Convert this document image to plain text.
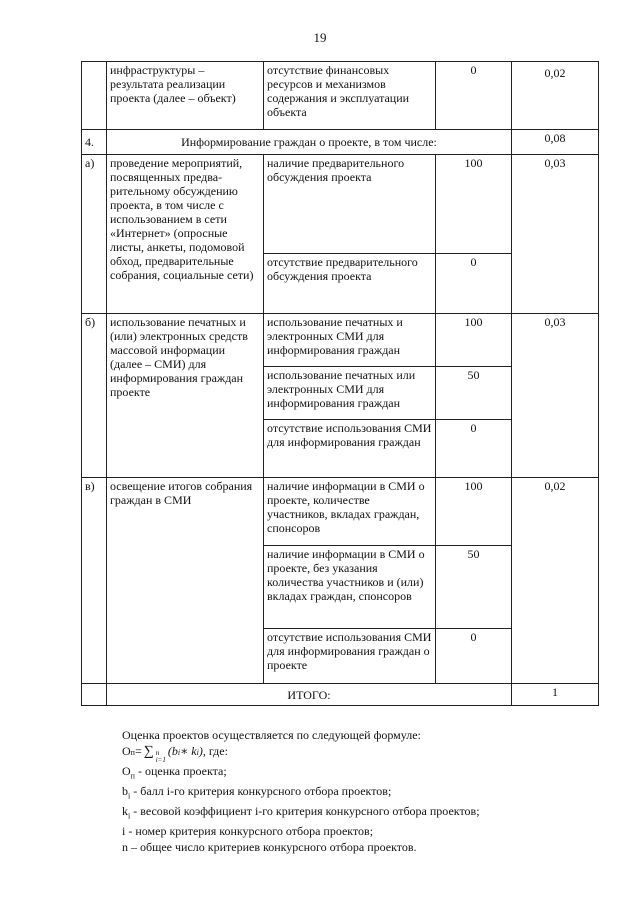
19
	инфраструктуры – результата реализации проекта (далее – объект)	отсутствие финансовых ресурсов и механизмов содержания и эксплуатации объекта	0	0,02
4.	Информирование граждан о проекте, в том числе:			0,08
а)	проведение мероприятий, посвященных предва-рительному обсуждению проекта, в том числе с использованием в сети «Интернет» (опросные листы, анкеты, подомовой обход, предварительные собрания, социальные сети)	наличие предварительного обсуждения проекта	100	0,03
		отсутствие предварительного обсуждения проекта	0	
б)	использование печатных и (или) электронных средств массовой информации (далее – СМИ) для информирования граждан проекте	использование печатных и электронных СМИ для информирования граждан	100	0,03
		использование печатных или электронных СМИ для информирования граждан	50	
		отсутствие использования СМИ для информирования граждан	0	
в)	освещение итогов собрания граждан в СМИ	наличие информации в СМИ о проекте, количестве участников, вкладах граждан, спонсоров	100	0,02
		наличие информации в СМИ о проекте, без указания количества участников и (или) вкладах граждан, спонсоров	50	
		отсутствие использования СМИ для информирования граждан о проекте	0	
	ИТОГО:			1
Оценка проектов осуществляется по следующей формуле:
О п = ∑ n
i=1
(b i ∗ k i ) , где:
$О_п$ - оценка проекта;
$b_i$ - балл i-го критерия конкурсного отбора проектов;
$k_i$ - весовой коэффициент i-го критерия конкурсного отбора проектов;
i - номер критерия конкурсного отбора проектов;
n – общее число критериев конкурсного отбора проектов.
